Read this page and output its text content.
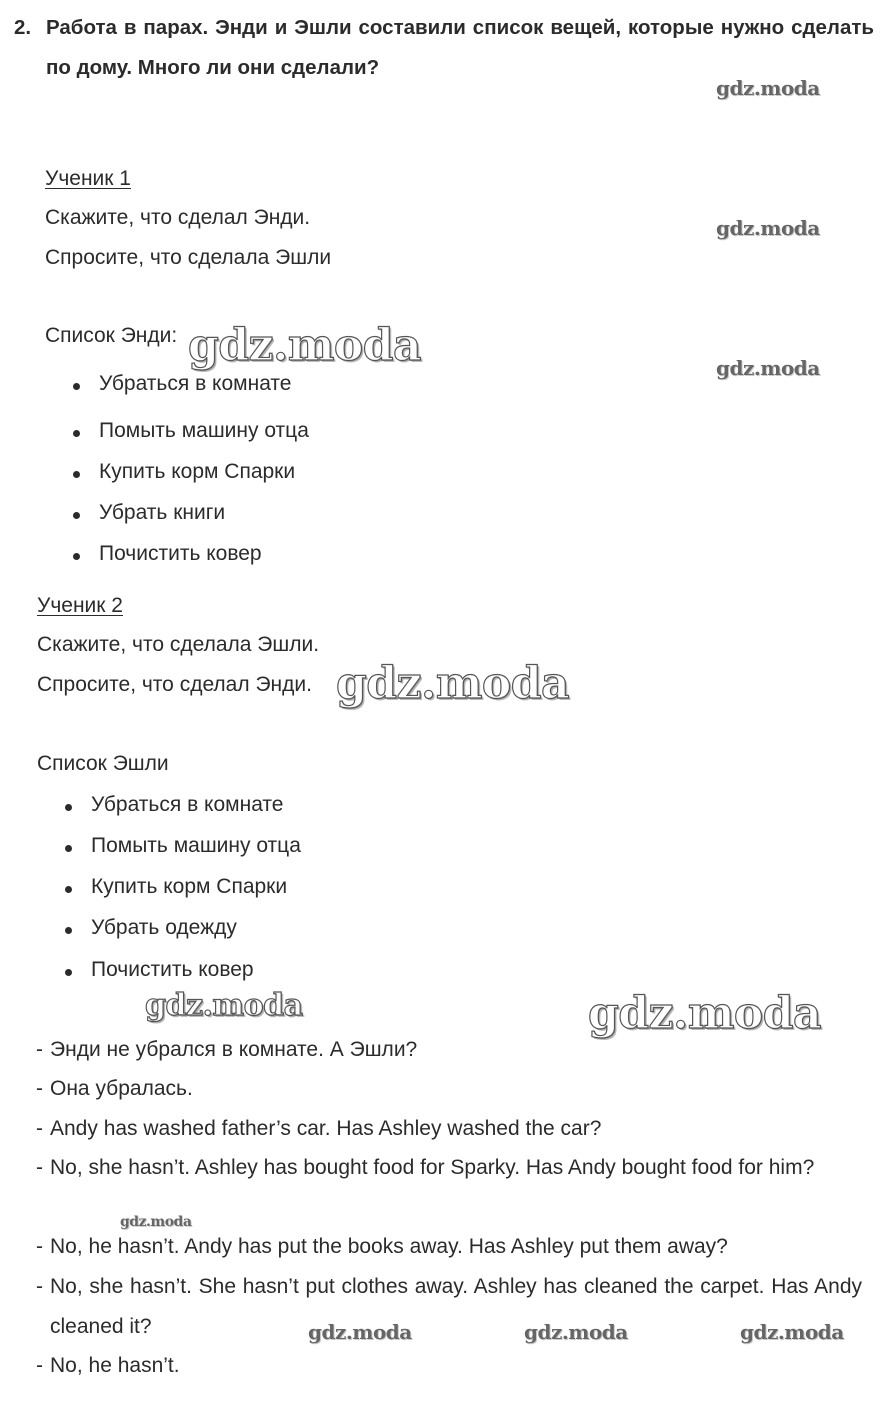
2. Работа в парах. Энди и Эшли составили список вещей, которые нужно сделать по дому. Много ли они сделали?
Ученик 1
Скажите, что сделал Энди.
Спросите, что сделала Эшли
Список Энди:
Убраться в комнате
Помыть машину отца
Купить корм Спарки
Убрать книги
Почистить ковер
Ученик 2
Скажите, что сделала Эшли.
Спросите, что сделал Энди.
Список Эшли
Убраться в комнате
Помыть машину отца
Купить корм Спарки
Убрать одежду
Почистить ковер
- Энди не убрался в комнате. А Эшли?
- Она убралась.
- Andy has washed father’s car. Has Ashley washed the car?
- No, she hasn’t. Ashley has bought food for Sparky. Has Andy bought food for him?
- No, he hasn’t. Andy has put the books away. Has Ashley put them away?
- No, she hasn’t. She hasn’t put clothes away. Ashley has cleaned the carpet. Has Andy cleaned it?
- No, he hasn’t.
gdz.moda
gdz.moda
gdz.moda
gdz.moda
gdz.moda
gdz.moda	gdz.moda
gdz.moda
gdz.moda	gdz.moda	gdz.moda
